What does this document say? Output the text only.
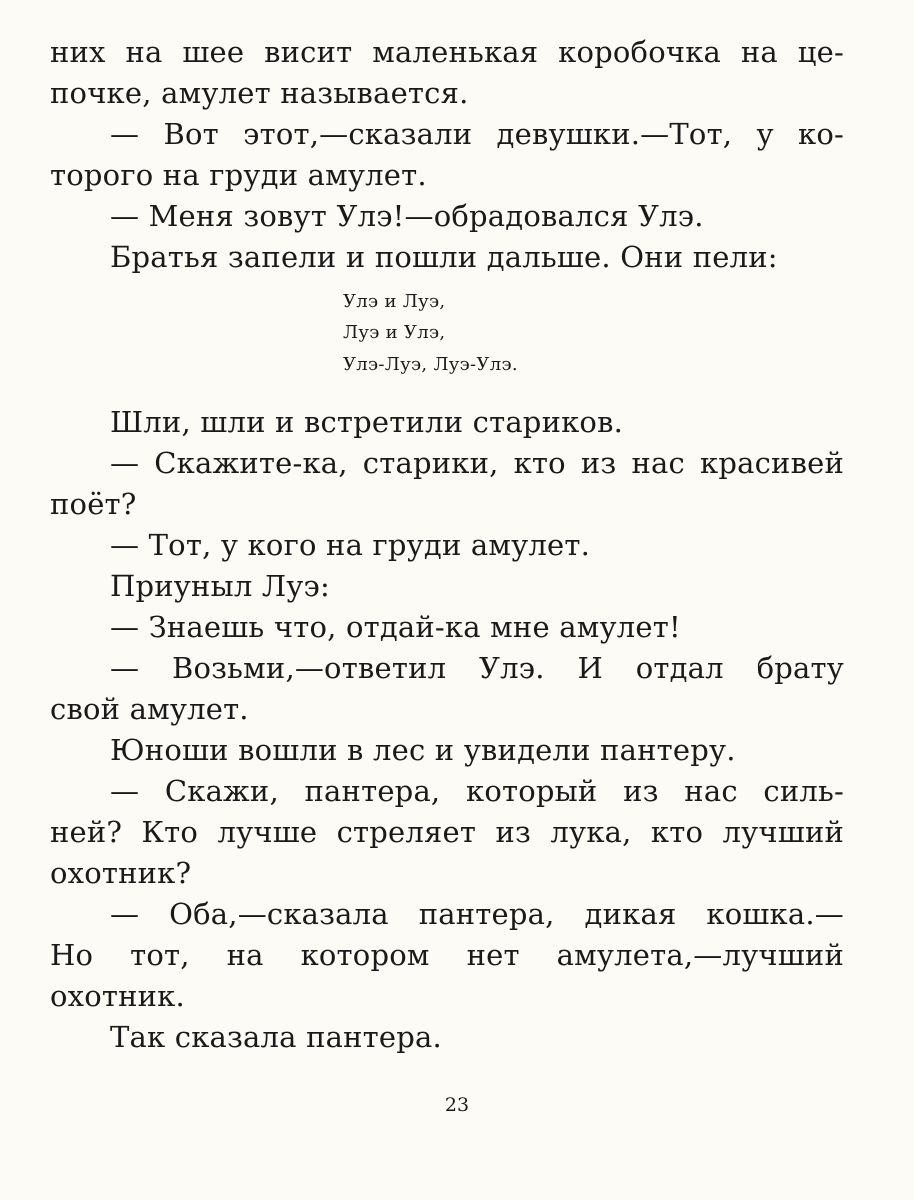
них на шее висит маленькая коробочка на це-
почке, амулет называется.
— Вот этот,—сказали девушки.—Тот, у ко-
торого на груди амулет.
— Меня зовут Улэ!—обрадовался Улэ.
Братья запели и пошли дальше. Они пели:
Улэ и Луэ,
Луэ и Улэ,
Улэ-Луэ, Луэ-Улэ.
Шли, шли и встретили стариков.
— Скажите-ка, старики, кто из нас красивей
поёт?
— Тот, у кого на груди амулет.
Приуныл Луэ:
— Знаешь что, отдай-ка мне амулет!
— Возьми,—ответил Улэ. И отдал брату
свой амулет.
Юноши вошли в лес и увидели пантеру.
— Скажи, пантера, который из нас силь-
ней? Кто лучше стреляет из лука, кто лучший
охотник?
— Оба,—сказала пантера, дикая кошка.—
Но тот, на котором нет амулета,—лучший
охотник.
Так сказала пантера.
23
